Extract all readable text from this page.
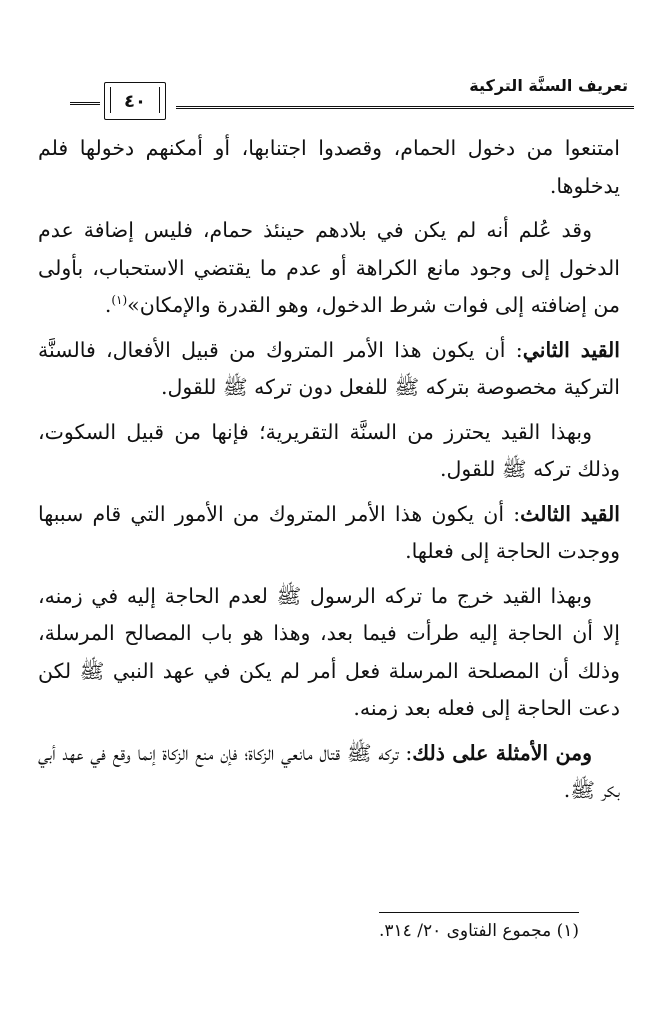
تعريف السنَّة التركية
٤٠

امتنعوا من دخول الحمام، وقصدوا اجتنابها، أو أمكنهم دخولها فلم يدخلوها.

وقد عُلم أنه لم يكن في بلادهم حينئذ حمام، فليس إضافة عدم الدخول إلى وجود مانع الكراهة أو عدم ما يقتضي الاستحباب، بأولى من إضافته إلى فوات شرط الدخول، وهو القدرة والإمكان»$^{(١)}$.

القيد الثاني: أن يكون هذا الأمر المتروك من قبيل الأفعال، فالسنَّة التركية مخصوصة بتركه ﷺ للفعل دون تركه ﷺ للقول.

وبهذا القيد يحترز من السنَّة التقريرية؛ فإنها من قبيل السكوت، وذلك تركه ﷺ للقول.

القيد الثالث: أن يكون هذا الأمر المتروك من الأمور التي قام سببها ووجدت الحاجة إلى فعلها.

وبهذا القيد خرج ما تركه الرسول ﷺ لعدم الحاجة إليه في زمنه، إلا أن الحاجة إليه طرأت فيما بعد، وهذا هو باب المصالح المرسلة، وذلك أن المصلحة المرسلة فعل أمر لم يكن في عهد النبي ﷺ لكن دعت الحاجة إلى فعله بعد زمنه.

ومن الأمثلة على ذلك: تركه ﷺ قتال مانعي الزكاة؛ فإن منع الزكاة إنما وقع في عهد أبي بكر ﷺ.

(١) مجموع الفتاوى ٢٠/ ٣١٤.
